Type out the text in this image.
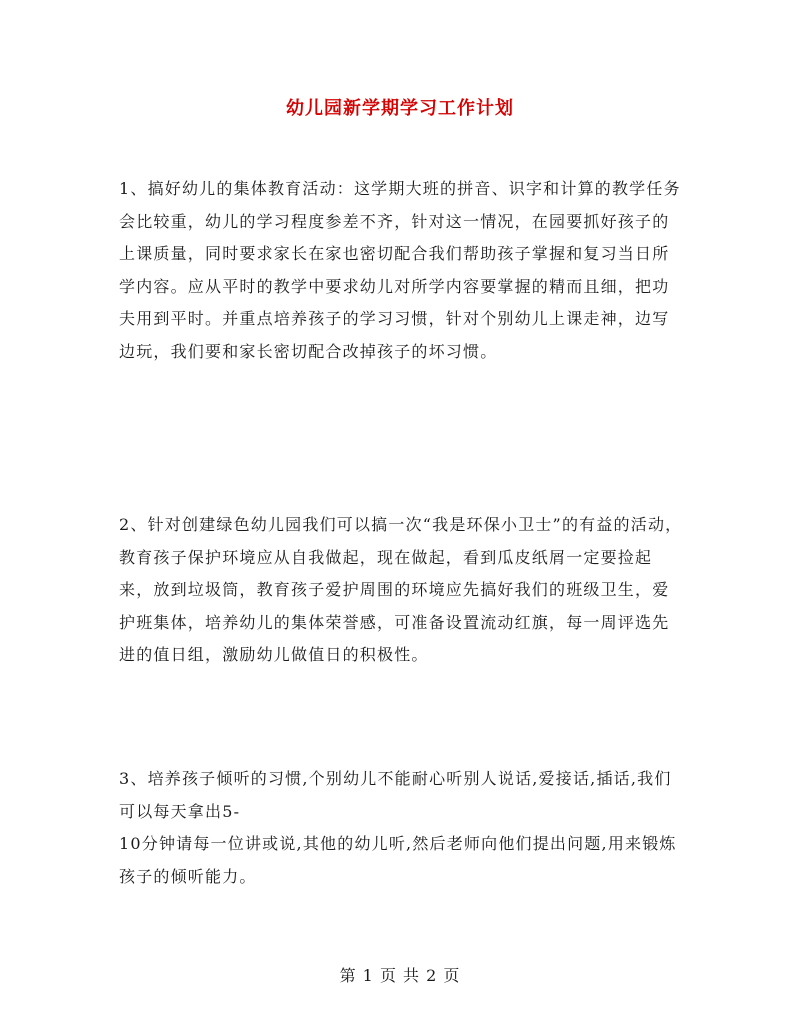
幼儿园新学期学习工作计划

1、搞好幼儿的集体教育活动：这学期大班的拼音、识字和计算的教学任务会比较重，幼儿的学习程度参差不齐，针对这一情况，在园要抓好孩子的上课质量，同时要求家长在家也密切配合我们帮助孩子掌握和复习当日所学内容。应从平时的教学中要求幼儿对所学内容要掌握的精而且细，把功夫用到平时。并重点培养孩子的学习习惯，针对个别幼儿上课走神，边写边玩，我们要和家长密切配合改掉孩子的坏习惯。

2、针对创建绿色幼儿园我们可以搞一次“我是环保小卫士”的有益的活动，教育孩子保护环境应从自我做起，现在做起，看到瓜皮纸屑一定要捡起来，放到垃圾筒，教育孩子爱护周围的环境应先搞好我们的班级卫生，爱护班集体，培养幼儿的集体荣誉感，可准备设置流动红旗，每一周评选先进的值日组，激励幼儿做值日的积极性。

3、培养孩子倾听的习惯,个别幼儿不能耐心听别人说话,爱接话,插话,我们可以每天拿出5-
10分钟请每一位讲或说,其他的幼儿听,然后老师向他们提出问题,用来锻炼孩子的倾听能力。

第 1 页 共 2 页
